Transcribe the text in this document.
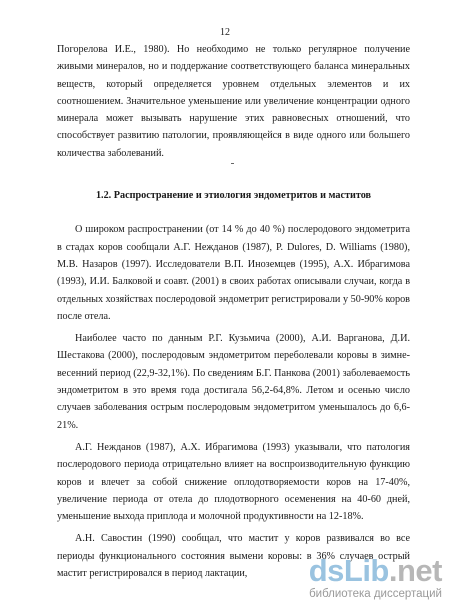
12

Погорелова И.Е., 1980). Но необходимо не только регулярное получение живыми минералов, но и поддержание соответствующего баланса минеральных веществ, который определяется уровнем отдельных элементов и их соотношением. Значительное уменьшение или увеличение концентрации одного минерала может вызывать нарушение этих равновесных отношений, что способствует развитию патологии, проявляющейся в виде одного или большего количества заболеваний.

1.2. Распространение и этиология эндометритов и маститов

О широком распространении (от 14 % до 40 %) послеродового эндометрита в стадах коров сообщали А.Г. Нежданов (1987), P. Dulores, D. Williams (1980), М.В. Назаров (1997). Исследователи В.П. Иноземцев (1995), А.Х. Ибрагимова (1993), И.И. Балковой и соавт. (2001) в своих работах описывали случаи, когда в отдельных хозяйствах послеродовой эндометрит регистрировали у 50-90% коров после отела.

Наиболее часто по данным Р.Г. Кузьмича (2000), А.И. Варганова, Д.И. Шестакова (2000), послеродовым эндометритом переболевали коровы в зимне-весенний период (22,9-32,1%). По сведениям Б.Г. Панкова (2001) заболеваемость эндометритом в это время года достигала 56,2-64,8%. Летом и осенью число случаев заболевания острым послеродовым эндометритом уменьшалось до 6,6-21%.

А.Г. Нежданов (1987), А.Х. Ибрагимова (1993) указывали, что патология послеродового периода отрицательно влияет на воспроизводительную функцию коров и влечет за собой снижение оплодотворяемости коров на 17-40%, увеличение периода от отела до плодотворного осеменения на 40-60 дней, уменьшение выхода приплода и молочной продуктивности на 12-18%.

А.Н. Савостин (1990) сообщал, что мастит у коров развивался во все периоды функционального состояния вымени коровы: в 36% случаев острый мастит регистрировался в период лактации,	dsLib.net
библиотека диссертаций
